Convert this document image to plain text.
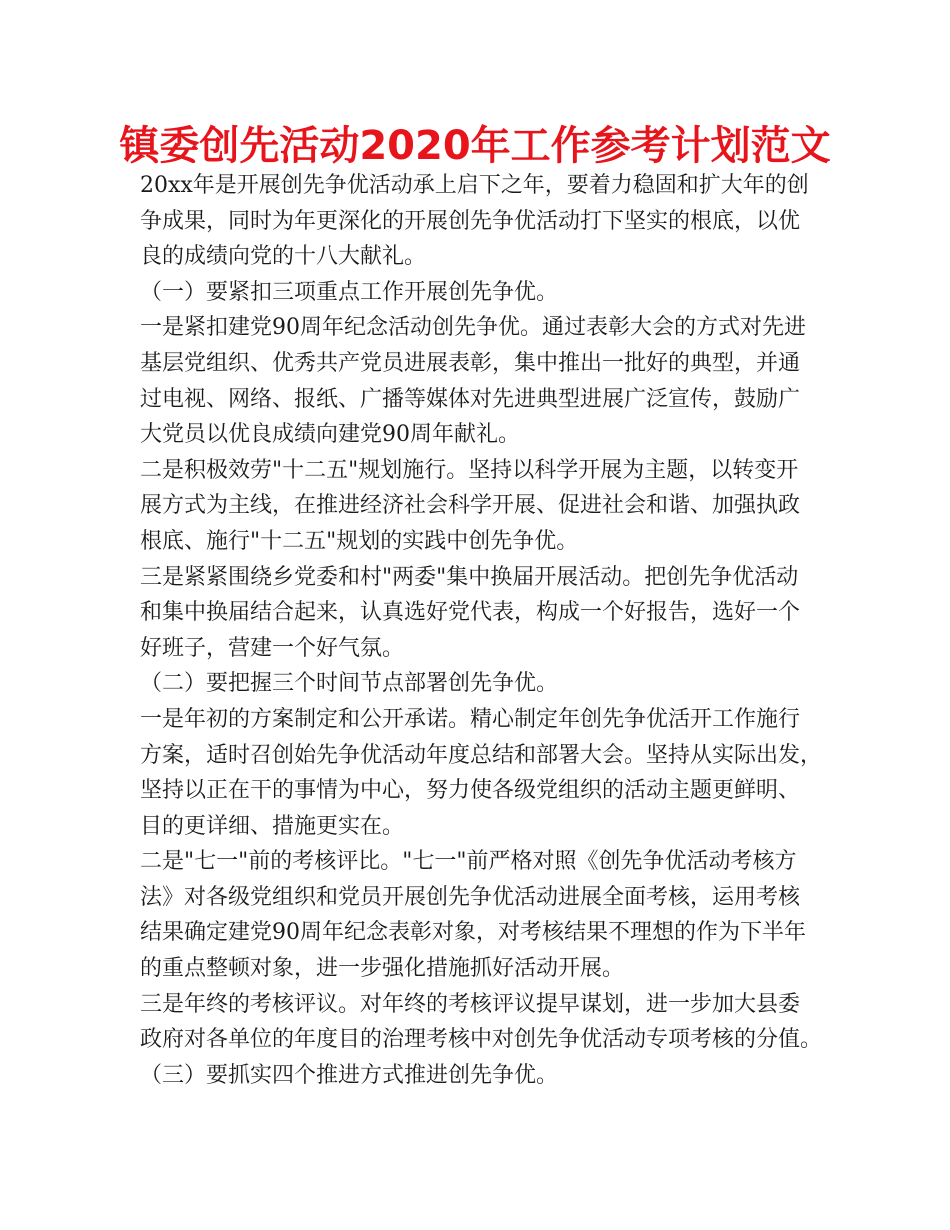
镇委创先活动2020年工作参考计划范文
20xx年是开展创先争优活动承上启下之年，要着力稳固和扩大年的创
争成果，同时为年更深化的开展创先争优活动打下坚实的根底，以优
良的成绩向党的十八大献礼。
（一）要紧扣三项重点工作开展创先争优。
一是紧扣建党90周年纪念活动创先争优。通过表彰大会的方式对先进
基层党组织、优秀共产党员进展表彰，集中推出一批好的典型，并通
过电视、网络、报纸、广播等媒体对先进典型进展广泛宣传，鼓励广
大党员以优良成绩向建党90周年献礼。
二是积极效劳"十二五"规划施行。坚持以科学开展为主题，以转变开
展方式为主线，在推进经济社会科学开展、促进社会和谐、加强执政
根底、施行"十二五"规划的实践中创先争优。
三是紧紧围绕乡党委和村"两委"集中换届开展活动。把创先争优活动
和集中换届结合起来，认真选好党代表，构成一个好报告，选好一个
好班子，营建一个好气氛。
（二）要把握三个时间节点部署创先争优。
一是年初的方案制定和公开承诺。精心制定年创先争优活开工作施行
方案，适时召创始先争优活动年度总结和部署大会。坚持从实际出发，
坚持以正在干的事情为中心，努力使各级党组织的活动主题更鲜明、
目的更详细、措施更实在。
二是"七一"前的考核评比。"七一"前严格对照《创先争优活动考核方
法》对各级党组织和党员开展创先争优活动进展全面考核，运用考核
结果确定建党90周年纪念表彰对象，对考核结果不理想的作为下半年
的重点整顿对象，进一步强化措施抓好活动开展。
三是年终的考核评议。对年终的考核评议提早谋划，进一步加大县委
政府对各单位的年度目的治理考核中对创先争优活动专项考核的分值。
（三）要抓实四个推进方式推进创先争优。
